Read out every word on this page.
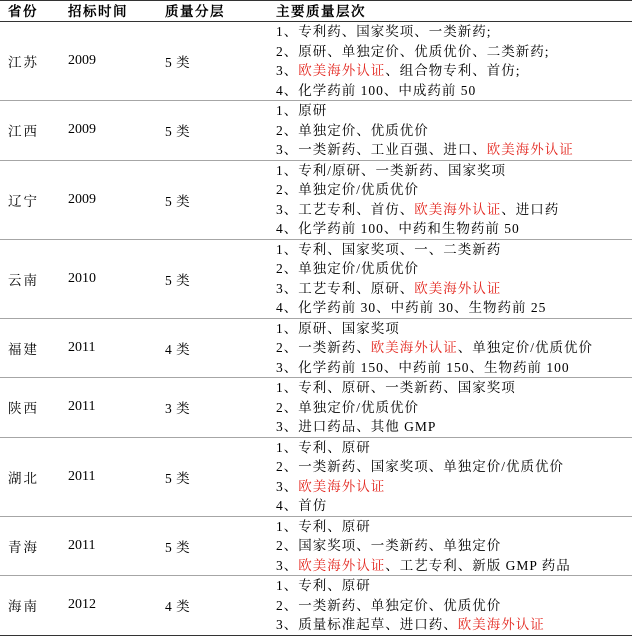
省份	招标时间	质量分层	主要质量层次
江苏	2009	5 类	1、专利药、国家奖项、一类新药;
2、原研、单独定价、优质优价、二类新药;
3、欧美海外认证、组合物专利、首仿;
4、化学药前 100、中成药前 50

江西	2009	5 类	1、原研
2、单独定价、优质优价
3、一类新药、工业百强、进口、欧美海外认证

辽宁	2009	5 类	1、专利/原研、一类新药、国家奖项
2、单独定价/优质优价
3、工艺专利、首仿、欧美海外认证、进口药
4、化学药前 100、中药和生物药前 50

云南	2010	5 类	1、专利、国家奖项、一、二类新药
2、单独定价/优质优价
3、工艺专利、原研、欧美海外认证
4、化学药前 30、中药前 30、生物药前 25

福建	2011	4 类	1、原研、国家奖项
2、一类新药、欧美海外认证、单独定价/优质优价
3、化学药前 150、中药前 150、生物药前 100

陕西	2011	3 类	1、专利、原研、一类新药、国家奖项
2、单独定价/优质优价
3、进口药品、其他 GMP

湖北	2011	5 类	1、专利、原研
2、一类新药、国家奖项、单独定价/优质优价
3、欧美海外认证
4、首仿

青海	2011	5 类	1、专利、原研
2、国家奖项、一类新药、单独定价
3、欧美海外认证、工艺专利、新版 GMP 药品

海南	2012	4 类	1、专利、原研
2、一类新药、单独定价、优质优价
3、质量标准起草、进口药、欧美海外认证
